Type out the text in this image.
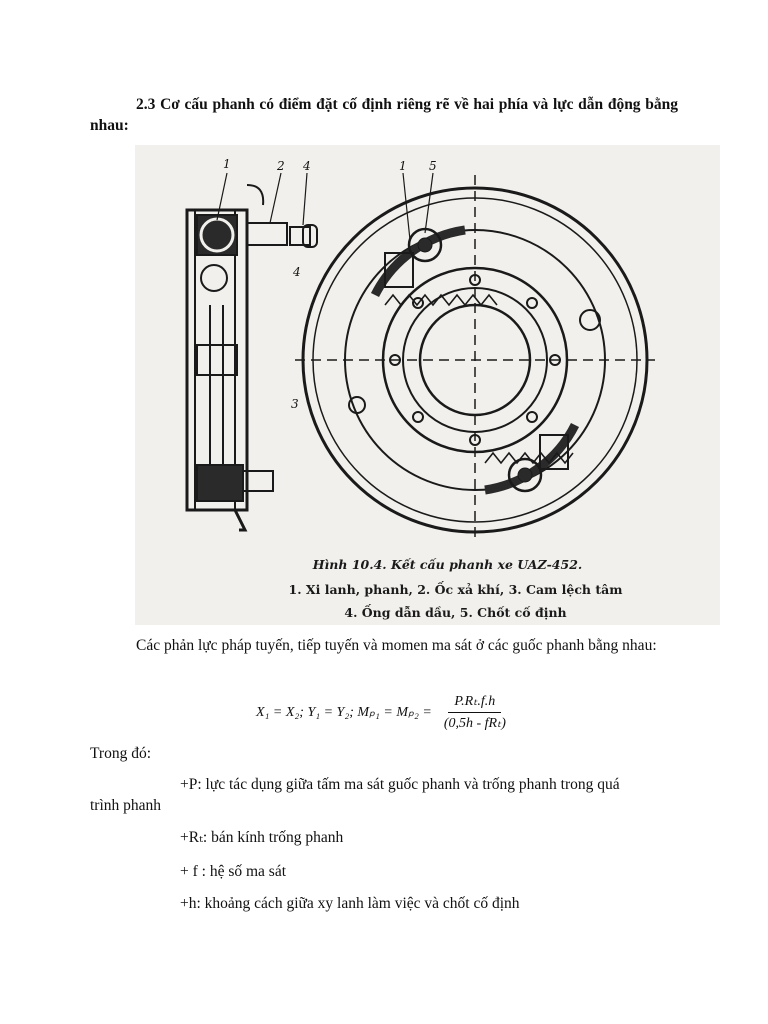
2.3 Cơ cấu phanh có điểm đặt cố định riêng rẽ về hai phía và lực dẫn động bằng nhau:
1	2 4	1 5
4
3
Hình 10.4. Kết cấu phanh xe UAZ-452.
1. Xi lanh, phanh, 2. Ốc xả khí, 3. Cam lệch tâm
4. Ống dẫn dầu, 5. Chốt cố định
Các phản lực pháp tuyến, tiếp tuyến và momen ma sát ở các guốc phanh bằng nhau:
X₁ = X₂; Y₁ = Y₂; $M_{p1} = M_{p2} = \frac{\text{P.Rₜ.f.h}}{\text{(0,5h - fRₜ)}}$
Trong đó:
+P: lực tác dụng giữa tấm ma sát guốc phanh và trống phanh trong quá
trình phanh
+Rₜ: bán kính trống phanh
+ f : hệ số ma sát
+h: khoảng cách giữa xy lanh làm việc và chốt cố định
